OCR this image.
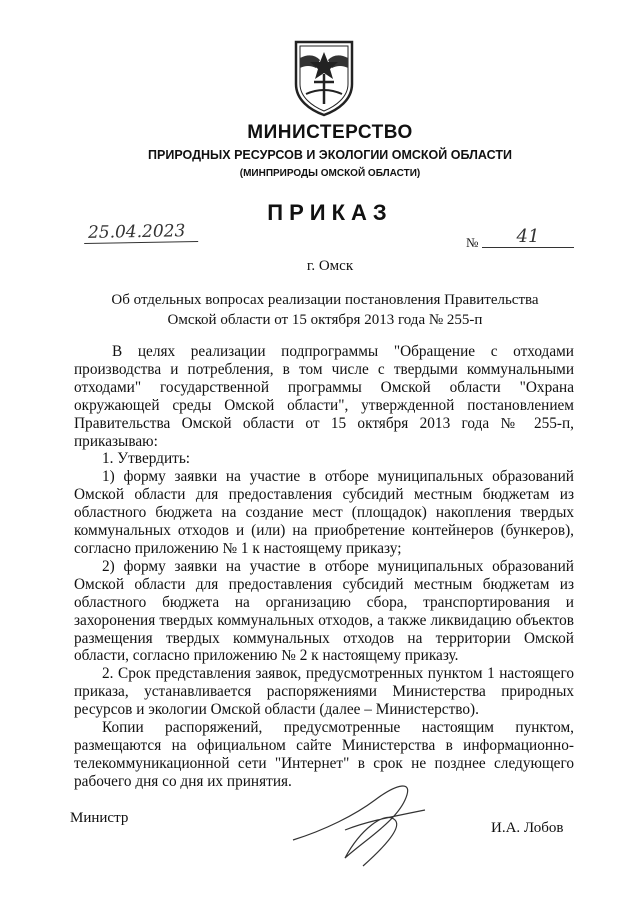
МИНИСТЕРСТВО
ПРИРОДНЫХ РЕСУРСОВ И ЭКОЛОГИИ ОМСКОЙ ОБЛАСТИ
(МИНПРИРОДЫ ОМСКОЙ ОБЛАСТИ)
ПРИКАЗ
25.04.2023	№	41
г. Омск
Об отдельных вопросах реализации постановления Правительства
Омской области от 15 октября 2013 года № 255-п

В целях реализации подпрограммы "Обращение с отходами производства и потребления, в том числе с твердыми коммунальными отходами" государственной программы Омской области "Охрана окружающей среды Омской области", утвержденной постановлением Правительства Омской области от 15 октября 2013 года № 255-п, приказываю:

1. Утвердить:

1) форму заявки на участие в отборе муниципальных образований Омской области для предоставления субсидий местным бюджетам из областного бюджета на создание мест (площадок) накопления твердых коммунальных отходов и (или) на приобретение контейнеров (бункеров), согласно приложению № 1 к настоящему приказу;

2) форму заявки на участие в отборе муниципальных образований Омской области для предоставления субсидий местным бюджетам из областного бюджета на организацию сбора, транспортирования и захоронения твердых коммунальных отходов, а также ликвидацию объектов размещения твердых коммунальных отходов на территории Омской области, согласно приложению № 2 к настоящему приказу.

2. Срок представления заявок, предусмотренных пунктом 1 настоящего приказа, устанавливается распоряжениями Министерства природных ресурсов и экологии Омской области (далее – Министерство).

Копии распоряжений, предусмотренные настоящим пунктом, размещаются на официальном сайте Министерства в информационно-телекоммуникационной сети "Интернет" в срок не позднее следующего рабочего дня со дня их принятия.

Министр
И.А. Лобов
